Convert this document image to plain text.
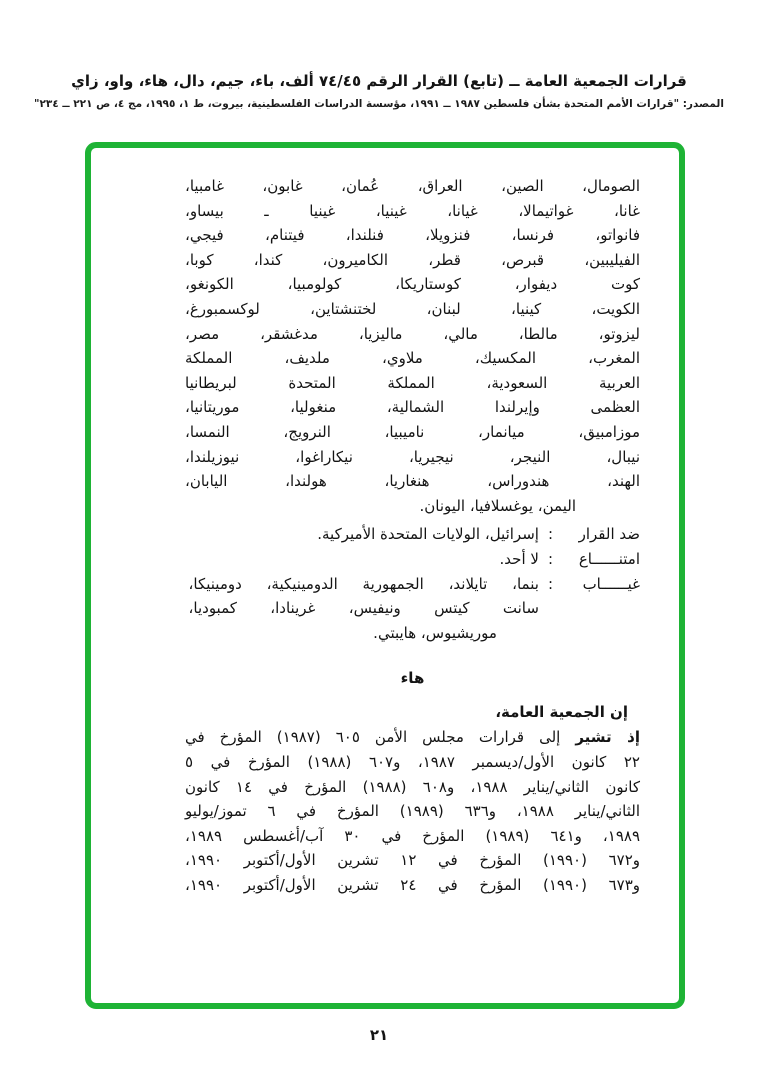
قرارات الجمعية العامة ــ (تابع) القرار الرقم ٧٤/٤٥ ألف، باء، جيم، دال، هاء، واو، زاي
المصدر: "قرارات الأمم المتحدة بشأن فلسطين ١٩٨٧ ــ ١٩٩١، مؤسسة الدراسات الفلسطينية، بيروت، ط ١، ١٩٩٥، مج ٤، ص ٢٢١ ــ ٢٣٤"
الصومال، الصين، العراق، عُمان، غابون، غامبيا،
غانا، غواتيمالا، غيانا، غينيا، غينيا ـ بيساو،
فانواتو، فرنسا، فنزويلا، فنلندا، فيتنام، فيجي،
الفيليبين، قبرص، قطر، الكاميرون، كندا، كوبا،
كوت ديفوار، كوستاريكا، كولومبيا، الكونغو،
الكويت، كينيا، لبنان، لختنشتاين، لوكسمبورغ،
ليزوتو، مالطا، مالي، ماليزيا، مدغشقر، مصر،
المغرب، المكسيك، ملاوي، ملديف، المملكة
العربية السعودية، المملكة المتحدة لبريطانيا
العظمى وإيرلندا الشمالية، منغوليا، موريتانيا،
موزامبيق، ميانمار، ناميبيا، النرويج، النمسا،
نيبال، النيجر، نيجيريا، نيكاراغوا، نيوزيلندا،
الهند، هندوراس، هنغاريا، هولندا، اليابان،
اليمن، يوغسلافيا، اليونان.
ضد القرار
:
إسرائيل، الولايات المتحدة الأميركية.
امتنــــــاع
:
لا أحد.
غيــــــاب
:
بنما، تايلاند، الجمهورية الدومينيكية، دومينيكا،
سانت كيتس ونيفيس، غرينادا، كمبوديا،
موريشيوس، هايبتي.
هاء
إن الجمعية العامة،
إذ تشير إلى قرارات مجلس الأمن ٦٠٥ (١٩٨٧) المؤرخ في
٢٢ كانون الأول/ديسمبر ١٩٨٧، و٦٠٧ (١٩٨٨) المؤرخ في ٥
كانون الثاني/يناير ١٩٨٨، و٦٠٨ (١٩٨٨) المؤرخ في ١٤ كانون
الثاني/يناير ١٩٨٨، و٦٣٦ (١٩٨٩) المؤرخ في ٦ تموز/يوليو
١٩٨٩، و٦٤١ (١٩٨٩) المؤرخ في ٣٠ آب/أغسطس ١٩٨٩،
و٦٧٢ (١٩٩٠) المؤرخ في ١٢ تشرين الأول/أكتوبر ١٩٩٠،
و٦٧٣ (١٩٩٠) المؤرخ في ٢٤ تشرين الأول/أكتوبر ١٩٩٠،
٢١
